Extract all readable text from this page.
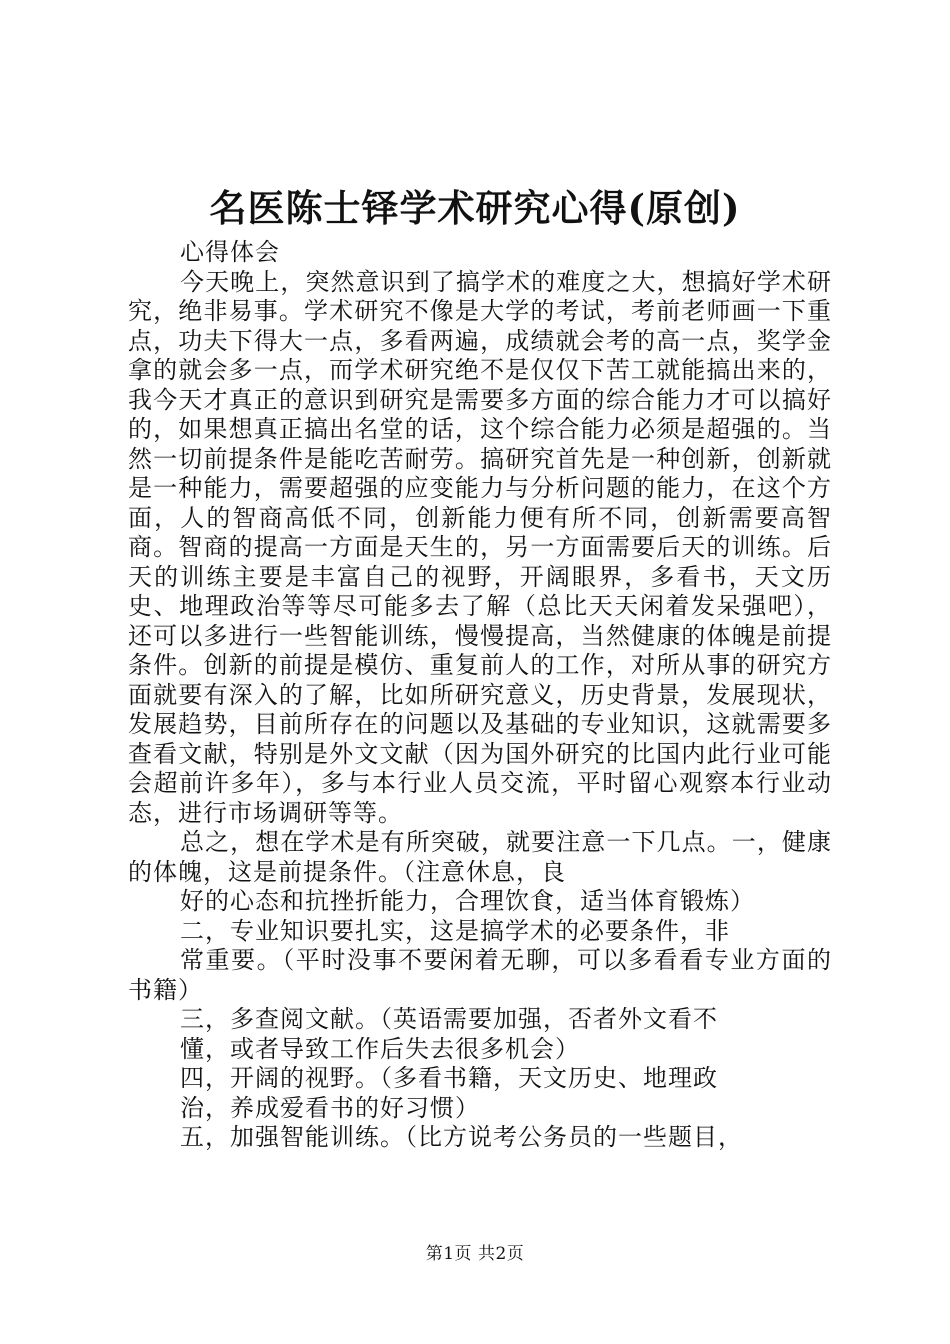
名医陈士铎学术研究心得(原创)

心得体会

今天晚上，突然意识到了搞学术的难度之大，想搞好学术研究，绝非易事。学术研究不像是大学的考试，考前老师画一下重点，功夫下得大一点，多看两遍，成绩就会考的高一点，奖学金拿的就会多一点，而学术研究绝不是仅仅下苦工就能搞出来的，我今天才真正的意识到研究是需要多方面的综合能力才可以搞好的，如果想真正搞出名堂的话，这个综合能力必须是超强的。当然一切前提条件是能吃苦耐劳。搞研究首先是一种创新，创新就是一种能力，需要超强的应变能力与分析问题的能力，在这个方面，人的智商高低不同，创新能力便有所不同，创新需要高智商。智商的提高一方面是天生的，另一方面需要后天的训练。后天的训练主要是丰富自己的视野，开阔眼界，多看书，天文历史、地理政治等等尽可能多去了解（总比天天闲着发呆强吧），还可以多进行一些智能训练，慢慢提高，当然健康的体魄是前提条件。创新的前提是模仿、重复前人的工作，对所从事的研究方面就要有深入的了解，比如所研究意义，历史背景，发展现状，发展趋势，目前所存在的问题以及基础的专业知识，这就需要多查看文献，特别是外文文献（因为国外研究的比国内此行业可能会超前许多年），多与本行业人员交流，平时留心观察本行业动态，进行市场调研等等。

总之，想在学术是有所突破，就要注意一下几点。一，健康的体魄，这是前提条件。（注意休息，良

好的心态和抗挫折能力，合理饮食，适当体育锻炼）

二，专业知识要扎实，这是搞学术的必要条件，非

常重要。（平时没事不要闲着无聊，可以多看看专业方面的书籍）

三，多查阅文献。（英语需要加强，否者外文看不

懂，或者导致工作后失去很多机会）

四，开阔的视野。（多看书籍，天文历史、地理政

治，养成爱看书的好习惯）

五，加强智能训练。（比方说考公务员的一些题目，

第1页 共2页
